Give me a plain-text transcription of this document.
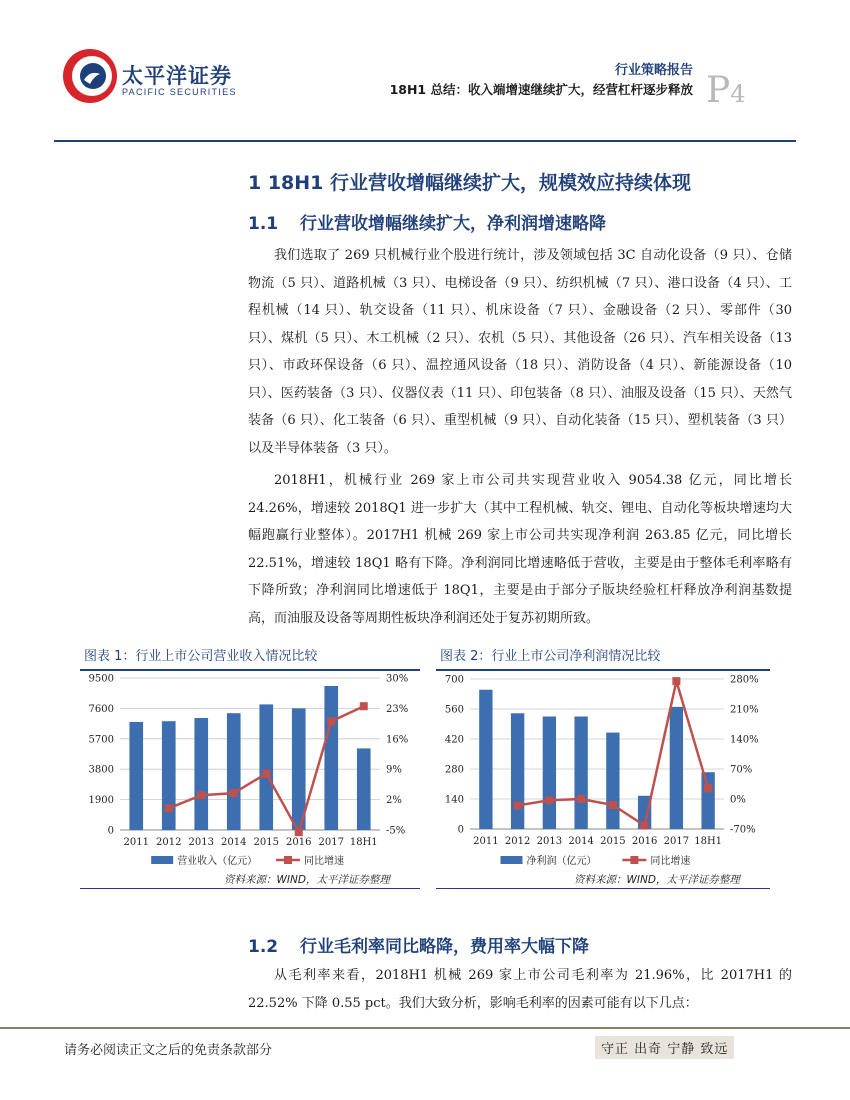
太平洋证券
PACIFIC SECURITIES
行业策略报告
18H1 总结：收入端增速继续扩大，经营杠杆逐步释放 P4
1 18H1 行业营收增幅继续扩大，规模效应持续体现
1.1 行业营收增幅继续扩大，净利润增速略降
我们选取了 269 只机械行业个股进行统计，涉及领域包括 3C 自动化设备（9 只）、仓储物流（5 只）、道路机械（3 只）、电梯设备（9 只）、纺织机械（7 只）、港口设备（4 只）、工程机械（14 只）、轨交设备（11 只）、机床设备（7 只）、金融设备（2 只）、零部件（30 只）、煤机（5 只）、木工机械（2 只）、农机（5 只）、其他设备（26 只）、汽车相关设备（13 只）、市政环保设备（6 只）、温控通风设备（18 只）、消防设备（4 只）、新能源设备（10 只）、医药装备（3 只）、仪器仪表（11 只）、印包装备（8 只）、油服及设备（15 只）、天然气装备（6 只）、化工装备（6 只）、重型机械（9 只）、自动化装备（15 只）、塑机装备（3 只）以及半导体装备（3 只）。
2018H1，机械行业 269 家上市公司共实现营业收入 9054.38 亿元，同比增长 24.26%，增速较 2018Q1 进一步扩大（其中工程机械、轨交、锂电、自动化等板块增速均大幅跑赢行业整体）。2017H1 机械 269 家上市公司共实现净利润 263.85 亿元，同比增长 22.51%，增速较 18Q1 略有下降。净利润同比增速略低于营收，主要是由于整体毛利率略有下降所致；净利润同比增速低于 18Q1，主要是由于部分子版块经验杠杆释放净利润基数提高，而油服及设备等周期性板块净利润还处于复苏初期所致。
图表 1：行业上市公司营业收入情况比较
9500
7600
5700
3800
1900
0
30%
23%
16%
9%
2%
-5%
2011 2012 2013 2014 2015 2016 2017 18H1
营业收入（亿元）	同比增速
资料来源：WIND，太平洋证券整理
图表 2：行业上市公司净利润情况比较
700
560
420
280
140
0
280%
210%
140%
70%
0%
-70%
2011 2012 2013 2014 2015 2016 2017 18H1
净利润（亿元）	同比增速
资料来源：WIND，太平洋证券整理
1.2 行业毛利率同比略降，费用率大幅下降
从毛利率来看，2018H1 机械 269 家上市公司毛利率为 21.96%，比 2017H1 的 22.52% 下降 0.55 pct。我们大致分析，影响毛利率的因素可能有以下几点：
请务必阅读正文之后的免责条款部分	守正 出奇 宁静 致远
